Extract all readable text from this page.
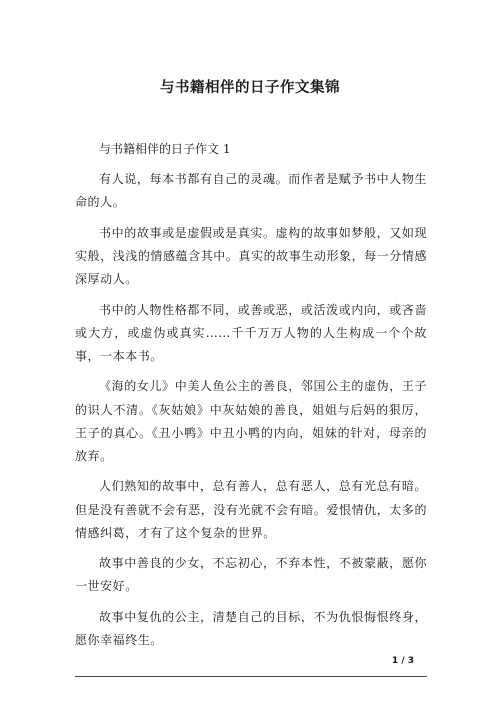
与书籍相伴的日子作文集锦
与书籍相伴的日子作文 1

有人说，每本书都有自己的灵魂。而作者是赋予书中人物生命的人。

书中的故事或是虚假或是真实。虚构的故事如梦般，又如现实般，浅浅的情感蕴含其中。真实的故事生动形象，每一分情感深厚动人。

书中的人物性格都不同，或善或恶，或活泼或内向，或吝啬或大方，或虚伪或真实……千千万万人物的人生构成一个个故事，一本本书。

《海的女儿》中美人鱼公主的善良，邻国公主的虚伪，王子的识人不清。《灰姑娘》中灰姑娘的善良，姐姐与后妈的狠厉，王子的真心。《丑小鸭》中丑小鸭的内向，姐妹的针对，母亲的放弃。

人们熟知的故事中，总有善人，总有恶人，总有光总有暗。但是没有善就不会有恶，没有光就不会有暗。爱恨情仇，太多的情感纠葛，才有了这个复杂的世界。

故事中善良的少女，不忘初心，不弃本性，不被蒙蔽，愿你一世安好。

故事中复仇的公主，清楚自己的目标，不为仇恨悔恨终身，愿你幸福终生。

1 / 3
